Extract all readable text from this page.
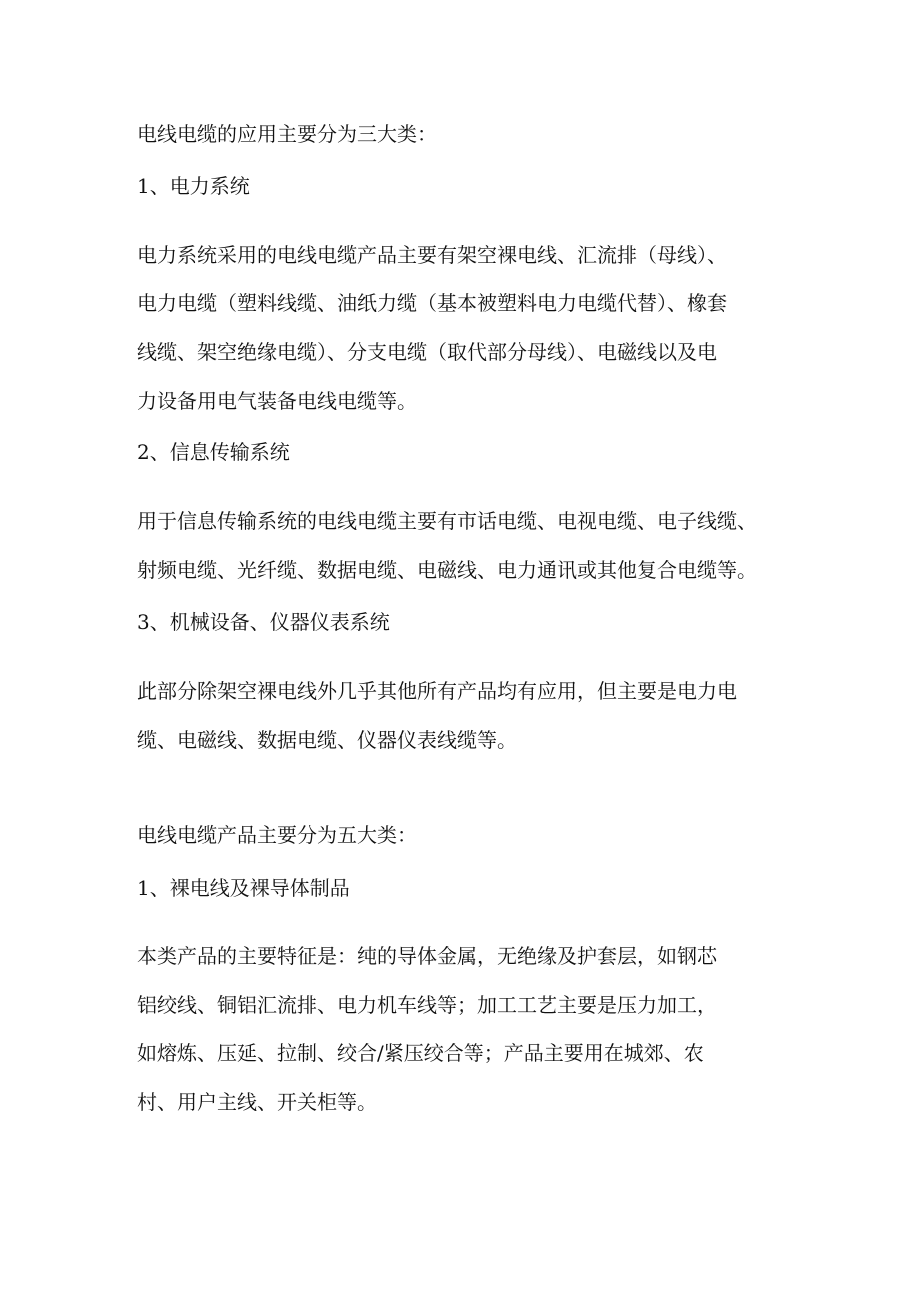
电线电缆的应用主要分为三大类：
1、电力系统
电力系统采用的电线电缆产品主要有架空裸电线、汇流排（母线）、
电力电缆（塑料线缆、油纸力缆（基本被塑料电力电缆代替）、橡套
线缆、架空绝缘电缆）、分支电缆（取代部分母线）、电磁线以及电
力设备用电气装备电线电缆等。
2、信息传输系统
用于信息传输系统的电线电缆主要有市话电缆、电视电缆、电子线缆、
射频电缆、光纤缆、数据电缆、电磁线、电力通讯或其他复合电缆等。
3、机械设备、仪器仪表系统
此部分除架空裸电线外几乎其他所有产品均有应用，但主要是电力电
缆、电磁线、数据电缆、仪器仪表线缆等。
电线电缆产品主要分为五大类：
1、裸电线及裸导体制品
本类产品的主要特征是：纯的导体金属，无绝缘及护套层，如钢芯
铝绞线、铜铝汇流排、电力机车线等；加工工艺主要是压力加工，
如熔炼、压延、拉制、绞合/紧压绞合等；产品主要用在城郊、农
村、用户主线、开关柜等。
